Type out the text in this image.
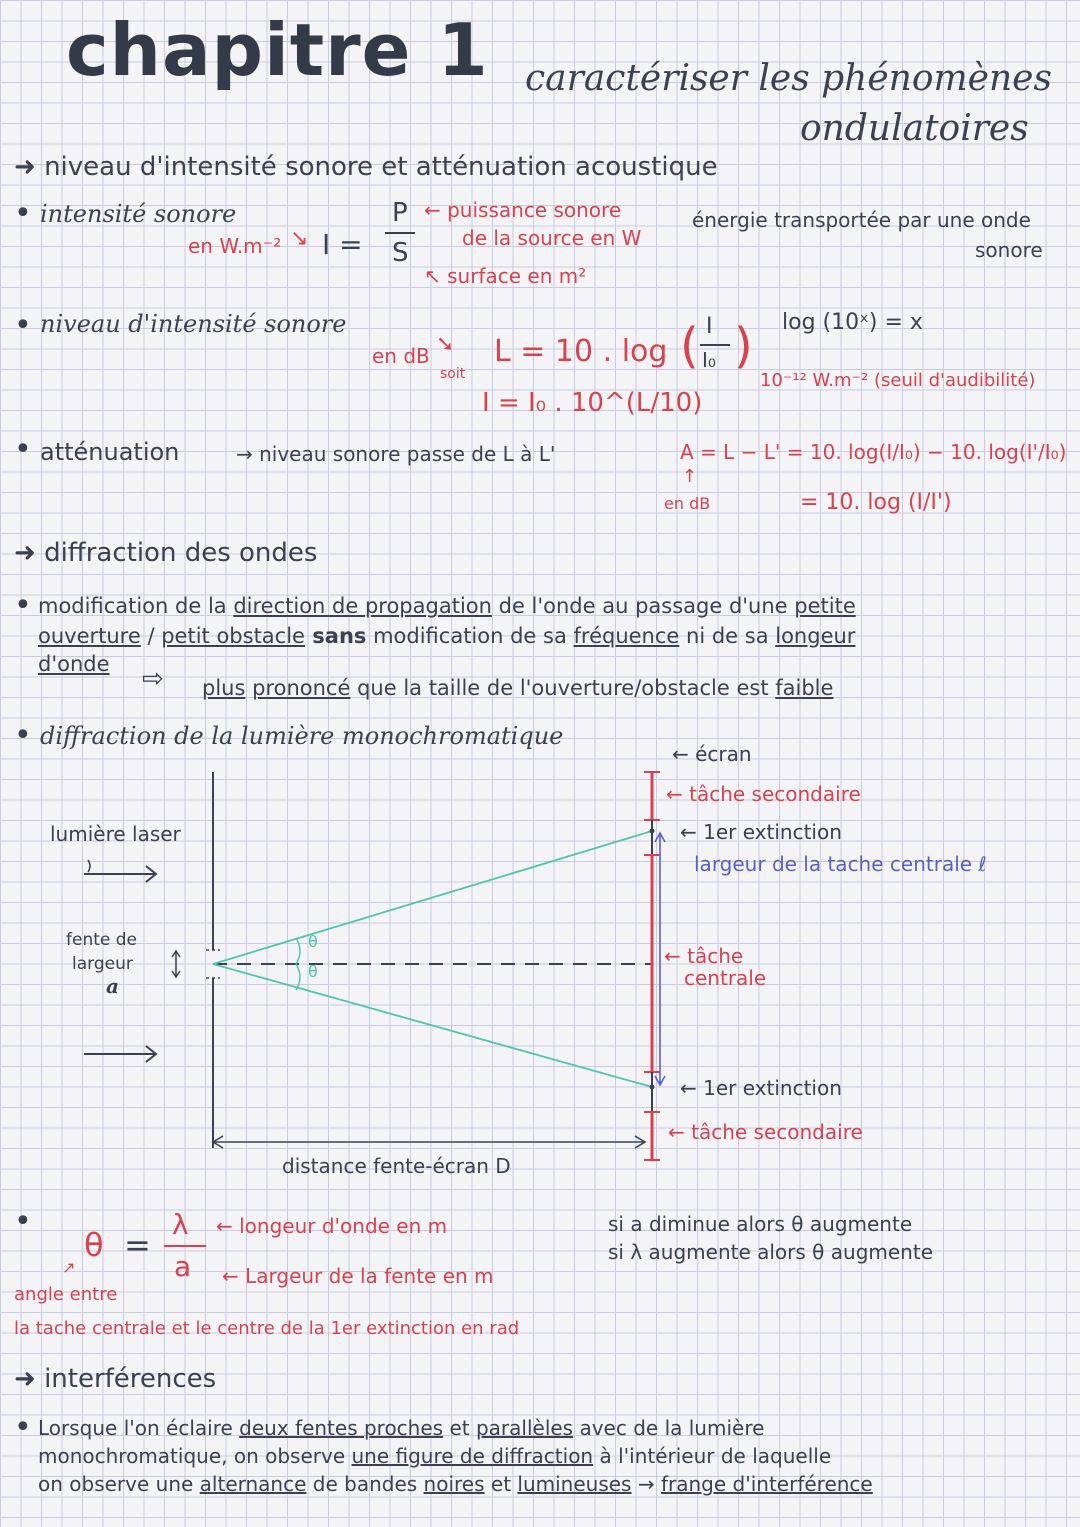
chapitre 1 caractériser les phénomènes
ondulatoires
➜ niveau d'intensité sonore et atténuation acoustique
• intensité sonore
en W.m⁻² ↘ I =
P
S
← puissance sonore
de la source en W
↖ surface en m²
énergie transportée par une onde
sonore
• niveau d'intensité sonore
en dB ➘ L = 10 . log ( I
I₀ ) log (10ˣ) = x
10⁻¹² W.m⁻² (seuil d'audibilité)
soit
I = I₀ . 10^(L/10)
• atténuation	→ niveau sonore passe de L à L'	A = L − L' = 10. log(I/I₀) − 10. log(I'/I₀)
↑
en dB	= 10. log (I/I')
➜ diffraction des ondes
• modification de la direction de propagation de l'onde au passage d'une petite
ouverture / petit obstacle sans modification de sa fréquence ni de sa longeur
d'onde ⇨ plus prononcé que la taille de l'ouverture/obstacle est faible
• diffraction de la lumière monochromatique
lumière laser
fente de
largeur
a
θ
θ
← écran
← tâche secondaire
← 1er extinction
largeur de la tache centrale ℓ
← tâche
centrale
← 1er extinction
← tâche secondaire
distance fente-écran D
•
θ =
λ
a
← longeur d'onde en m
← Largeur de la fente en m
↗
angle entre
la tache centrale et le centre de la 1er extinction en rad
si a diminue alors θ augmente
si λ augmente alors θ augmente
➜ interférences
• Lorsque l'on éclaire deux fentes proches et parallèles avec de la lumière
monochromatique, on observe une figure de diffraction à l'intérieur de laquelle
on observe une alternance de bandes noires et lumineuses → frange d'interférence
